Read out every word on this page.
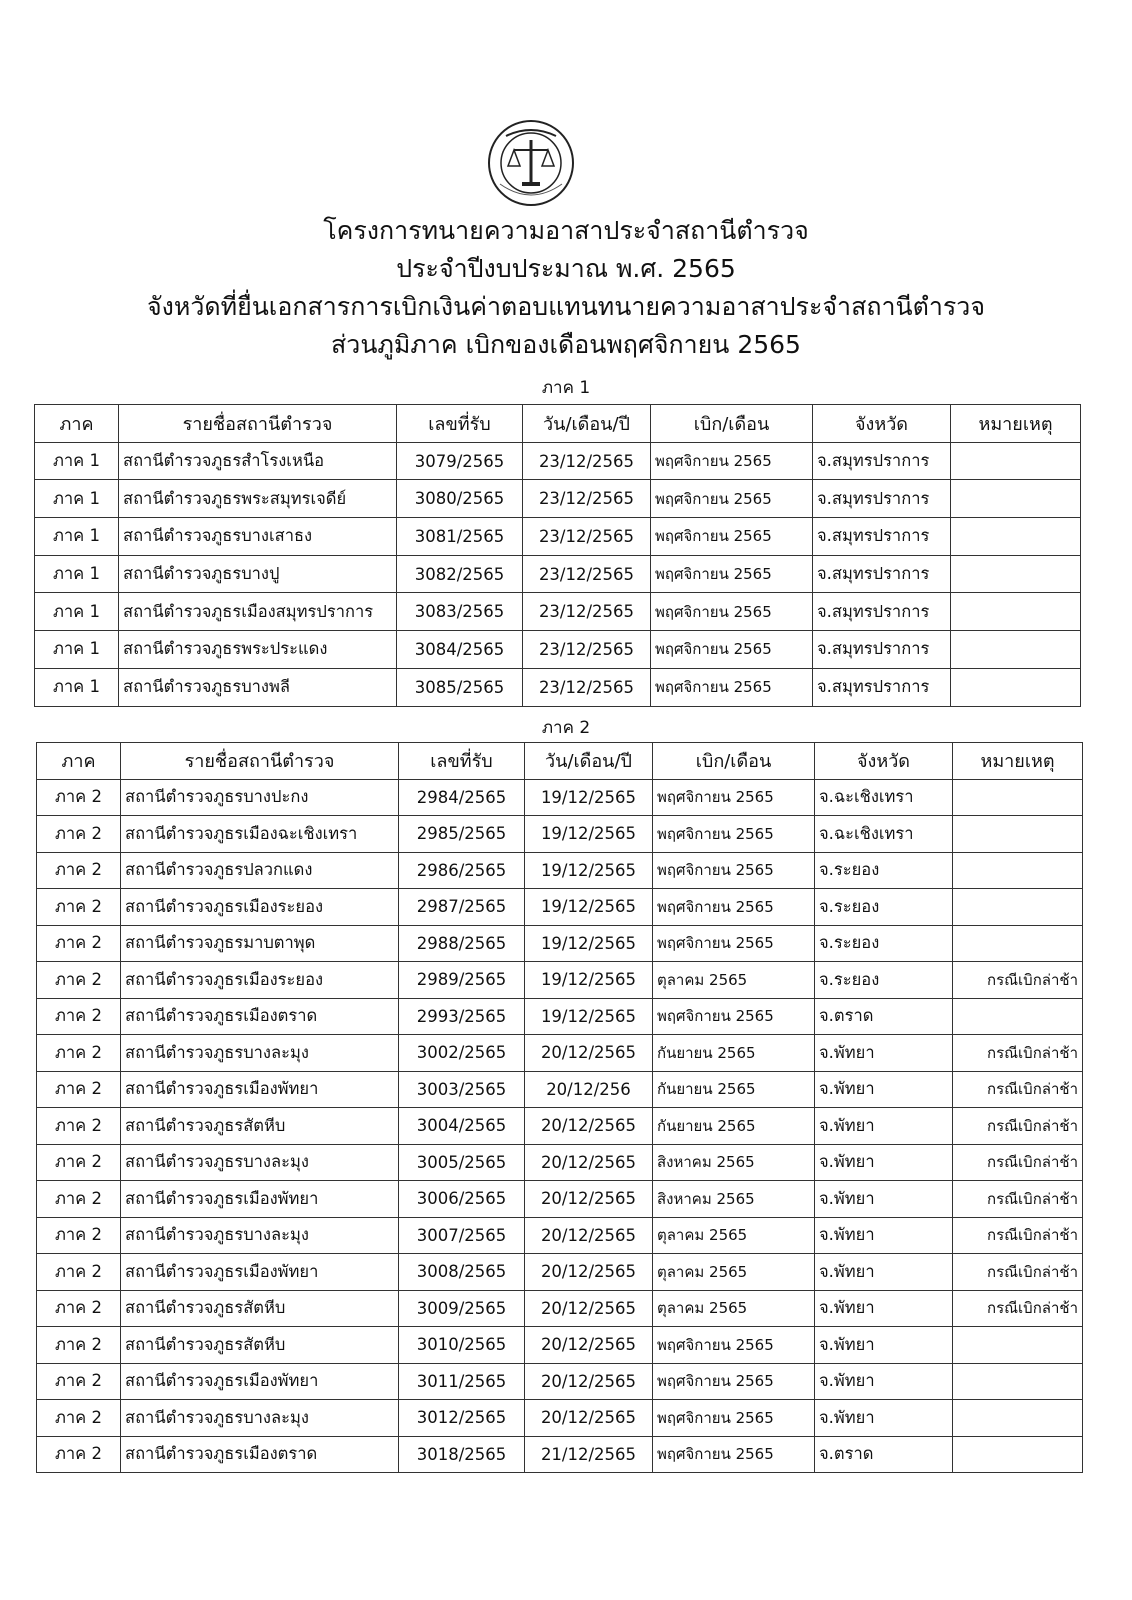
โครงการทนายความอาสาประจำสถานีตำรวจ
ประจำปีงบประมาณ พ.ศ. 2565
จังหวัดที่ยื่นเอกสารการเบิกเงินค่าตอบแทนทนายความอาสาประจำสถานีตำรวจ
ส่วนภูมิภาค เบิกของเดือนพฤศจิกายน 2565
ภาค 1
ภาค	รายชื่อสถานีตำรวจ	เลขที่รับ	วัน/เดือน/ปี	เบิก/เดือน	จังหวัด	หมายเหตุ
ภาค 1	สถานีตำรวจภูธรสำโรงเหนือ	3079/2565	23/12/2565	พฤศจิกายน 2565	จ.สมุทรปราการ	
ภาค 1	สถานีตำรวจภูธรพระสมุทรเจดีย์	3080/2565	23/12/2565	พฤศจิกายน 2565	จ.สมุทรปราการ	
ภาค 1	สถานีตำรวจภูธรบางเสาธง	3081/2565	23/12/2565	พฤศจิกายน 2565	จ.สมุทรปราการ	
ภาค 1	สถานีตำรวจภูธรบางปู	3082/2565	23/12/2565	พฤศจิกายน 2565	จ.สมุทรปราการ	
ภาค 1	สถานีตำรวจภูธรเมืองสมุทรปราการ	3083/2565	23/12/2565	พฤศจิกายน 2565	จ.สมุทรปราการ	
ภาค 1	สถานีตำรวจภูธรพระประแดง	3084/2565	23/12/2565	พฤศจิกายน 2565	จ.สมุทรปราการ	
ภาค 1	สถานีตำรวจภูธรบางพลี	3085/2565	23/12/2565	พฤศจิกายน 2565	จ.สมุทรปราการ	
ภาค 2
ภาค	รายชื่อสถานีตำรวจ	เลขที่รับ	วัน/เดือน/ปี	เบิก/เดือน	จังหวัด	หมายเหตุ
ภาค 2	สถานีตำรวจภูธรบางปะกง	2984/2565	19/12/2565	พฤศจิกายน 2565	จ.ฉะเชิงเทรา	
ภาค 2	สถานีตำรวจภูธรเมืองฉะเชิงเทรา	2985/2565	19/12/2565	พฤศจิกายน 2565	จ.ฉะเชิงเทรา	
ภาค 2	สถานีตำรวจภูธรปลวกแดง	2986/2565	19/12/2565	พฤศจิกายน 2565	จ.ระยอง	
ภาค 2	สถานีตำรวจภูธรเมืองระยอง	2987/2565	19/12/2565	พฤศจิกายน 2565	จ.ระยอง	
ภาค 2	สถานีตำรวจภูธรมาบตาพุด	2988/2565	19/12/2565	พฤศจิกายน 2565	จ.ระยอง	
ภาค 2	สถานีตำรวจภูธรเมืองระยอง	2989/2565	19/12/2565	ตุลาคม 2565	จ.ระยอง	กรณีเบิกล่าช้า
ภาค 2	สถานีตำรวจภูธรเมืองตราด	2993/2565	19/12/2565	พฤศจิกายน 2565	จ.ตราด	
ภาค 2	สถานีตำรวจภูธรบางละมุง	3002/2565	20/12/2565	กันยายน 2565	จ.พัทยา	กรณีเบิกล่าช้า
ภาค 2	สถานีตำรวจภูธรเมืองพัทยา	3003/2565	20/12/256	กันยายน 2565	จ.พัทยา	กรณีเบิกล่าช้า
ภาค 2	สถานีตำรวจภูธรสัตหีบ	3004/2565	20/12/2565	กันยายน 2565	จ.พัทยา	กรณีเบิกล่าช้า
ภาค 2	สถานีตำรวจภูธรบางละมุง	3005/2565	20/12/2565	สิงหาคม 2565	จ.พัทยา	กรณีเบิกล่าช้า
ภาค 2	สถานีตำรวจภูธรเมืองพัทยา	3006/2565	20/12/2565	สิงหาคม 2565	จ.พัทยา	กรณีเบิกล่าช้า
ภาค 2	สถานีตำรวจภูธรบางละมุง	3007/2565	20/12/2565	ตุลาคม 2565	จ.พัทยา	กรณีเบิกล่าช้า
ภาค 2	สถานีตำรวจภูธรเมืองพัทยา	3008/2565	20/12/2565	ตุลาคม 2565	จ.พัทยา	กรณีเบิกล่าช้า
ภาค 2	สถานีตำรวจภูธรสัตหีบ	3009/2565	20/12/2565	ตุลาคม 2565	จ.พัทยา	กรณีเบิกล่าช้า
ภาค 2	สถานีตำรวจภูธรสัตหีบ	3010/2565	20/12/2565	พฤศจิกายน 2565	จ.พัทยา	
ภาค 2	สถานีตำรวจภูธรเมืองพัทยา	3011/2565	20/12/2565	พฤศจิกายน 2565	จ.พัทยา	
ภาค 2	สถานีตำรวจภูธรบางละมุง	3012/2565	20/12/2565	พฤศจิกายน 2565	จ.พัทยา	
ภาค 2	สถานีตำรวจภูธรเมืองตราด	3018/2565	21/12/2565	พฤศจิกายน 2565	จ.ตราด	
